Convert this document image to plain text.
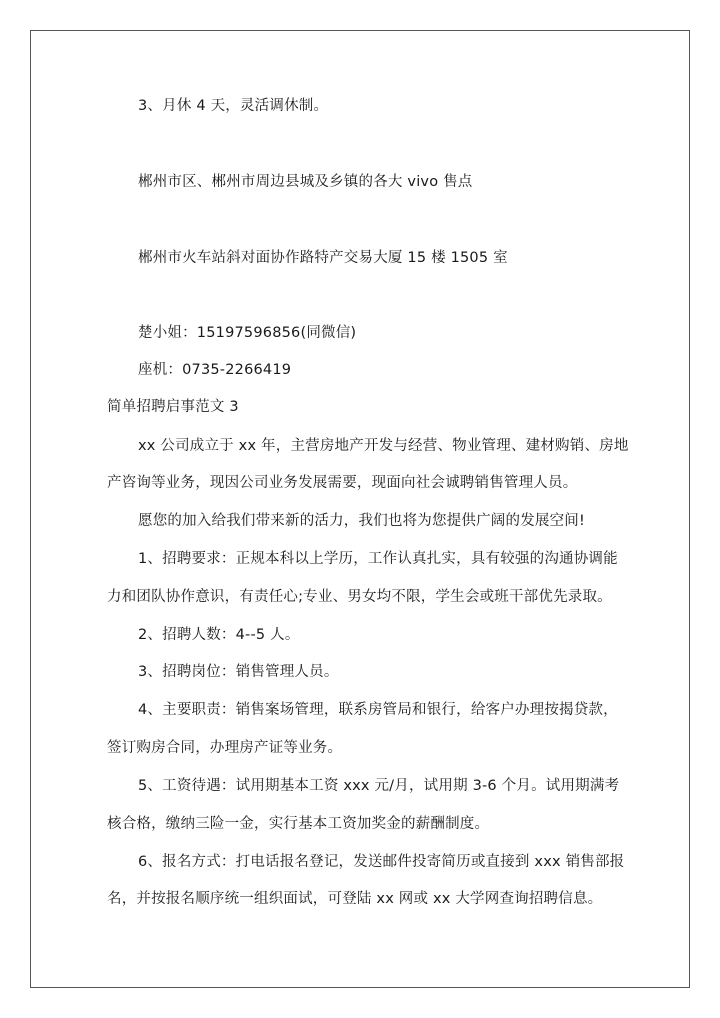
3、月休 4 天，灵活调休制。
郴州市区、郴州市周边县城及乡镇的各大 vivo 售点
郴州市火车站斜对面协作路特产交易大厦 15 楼 1505 室
楚小姐：15197596856(同微信)
座机：0735-2266419
简单招聘启事范文 3
xx 公司成立于 xx 年，主营房地产开发与经营、物业管理、建材购销、房地
产咨询等业务，现因公司业务发展需要，现面向社会诚聘销售管理人员。
愿您的加入给我们带来新的活力，我们也将为您提供广阔的发展空间!
1、招聘要求：正规本科以上学历，工作认真扎实，具有较强的沟通协调能
力和团队协作意识，有责任心;专业、男女均不限，学生会或班干部优先录取。
2、招聘人数：4--5 人。
3、招聘岗位：销售管理人员。
4、主要职责：销售案场管理，联系房管局和银行，给客户办理按揭贷款，
签订购房合同，办理房产证等业务。
5、工资待遇：试用期基本工资 xxx 元/月，试用期 3-6 个月。试用期满考
核合格，缴纳三险一金，实行基本工资加奖金的薪酬制度。
6、报名方式：打电话报名登记，发送邮件投寄简历或直接到 xxx 销售部报
名，并按报名顺序统一组织面试，可登陆 xx 网或 xx 大学网查询招聘信息。
